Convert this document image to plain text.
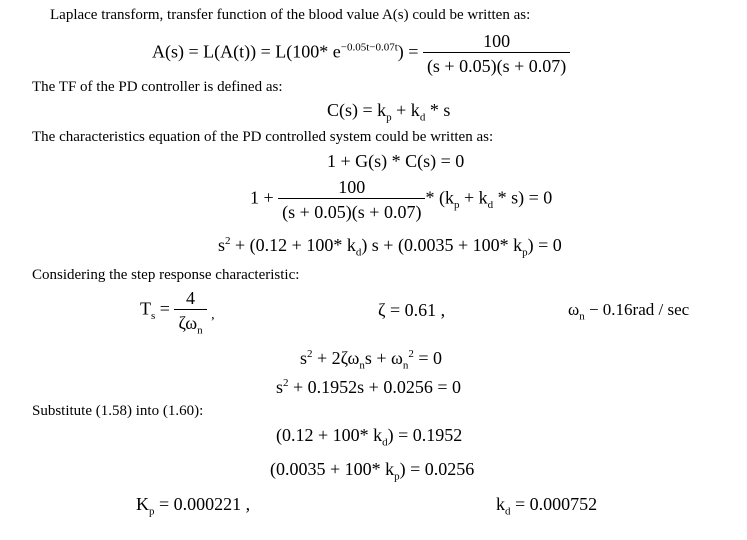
Laplace transform, transfer function of the blood value A(s) could be written as:
A(s) = L(A(t)) = L(100* $e^{-0.05t-0.07t}) = \frac{100}{(s + 0.05)(s + 0.07)}$
The TF of the PD controller is defined as:
$C(s) = k_p + k_d * s$
The characteristics equation of the PD controlled system could be written as:
1 + G(s) * C(s) = 0
$1 + \frac{100}{(s + 0.05)(s + 0.07)} * (k_p + k_d * s) = 0$
$s^2 + (0.12 + 100*$ $k_d$) s + (0.0035 + 100* $k_p) = 0$
Considering the step response characteristic:
$T_s = \frac{4}{\zeta\omega_n} _,$	ζ = 0.61 ,	$\omega_n - 0.16rad / \sec$
$s^2 + 2\zeta\omega_ns + \omega_n^2 = 0$
$s^2 + 0.1952s + 0.0256 = 0$
Substitute (1.58) into (1.60):
(0.12 + 100* $k_d) = 0.1952$
(0.0035 + 100* $k_p) = 0.0256$
$K_p = 0.000221$ ,	$k_d = 0.000752$
